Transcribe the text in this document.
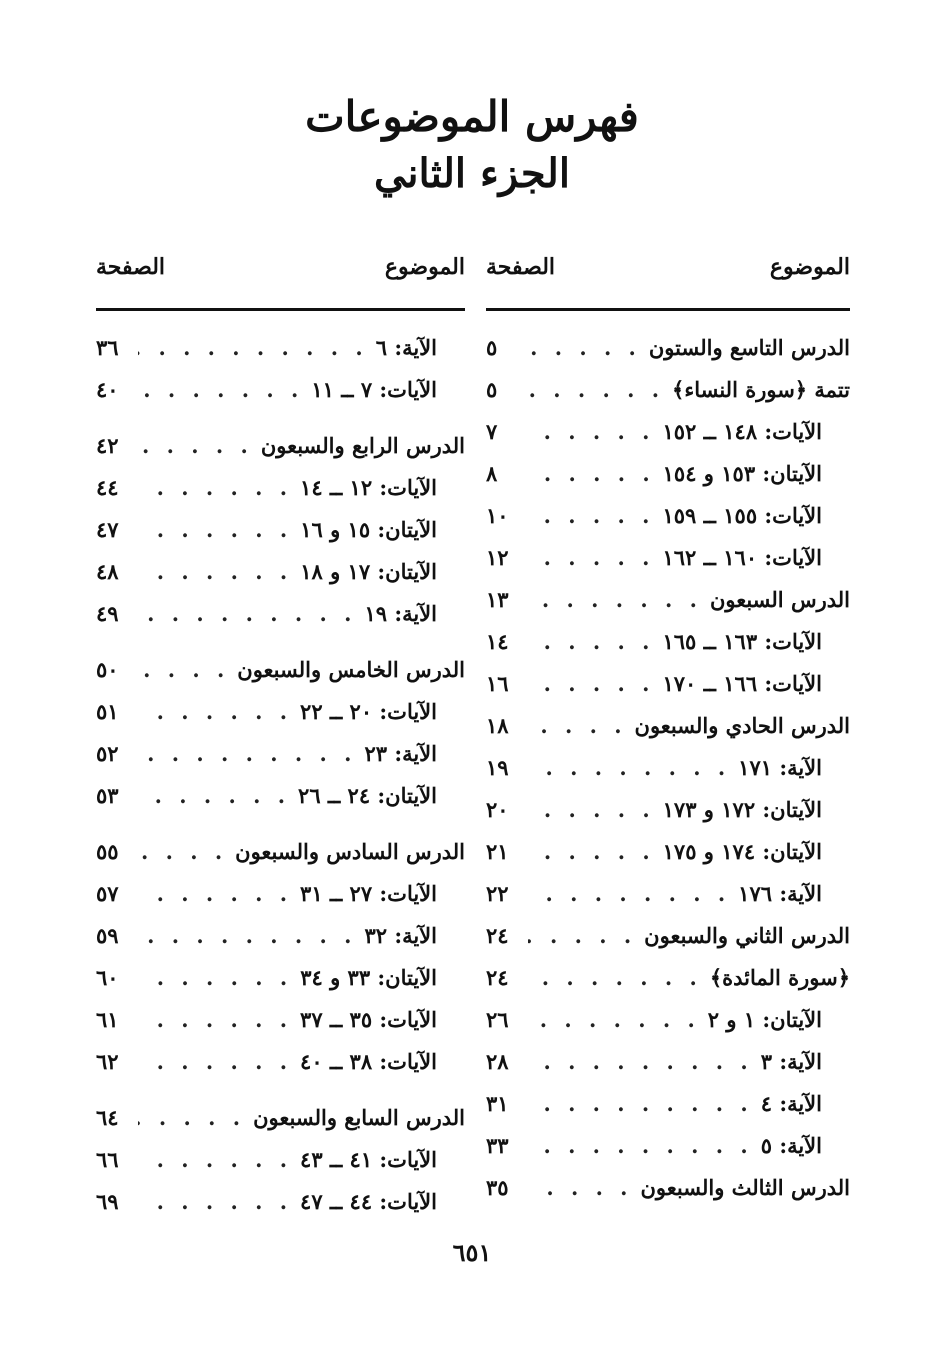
فهرس الموضوعات
الجزء الثاني
الموضوع
الصفحة
الدرس التاسع والستون
. . .
٥
تتمة ﴿سورة النساء﴾
. . .
٥
الآيات: ١٤٨ ــ ١٥٢
. . .
٧
الآيتان: ١٥٣ و ١٥٤
. . .
٨
الآيات: ١٥٥ ــ ١٥٩
. . .
١٠
الآيات: ١٦٠ ــ ١٦٢
. . .
١٢
الدرس السبعون
. . .
١٣
الآيات: ١٦٣ ــ ١٦٥
. . .
١٤
الآيات: ١٦٦ ــ ١٧٠
. . .
١٦
الدرس الحادي والسبعون
. . .
١٨
الآية: ١٧١
. . .
١٩
الآيتان: ١٧٢ و ١٧٣
. . .
٢٠
الآيتان: ١٧٤ و ١٧٥
. . .
٢١
الآية: ١٧٦
. . .
٢٢
الدرس الثاني والسبعون
. . .
٢٤
﴿سورة المائدة﴾
. . .
٢٤
الآيتان: ١ و ٢
. . .
٢٦
الآية: ٣
. . .
٢٨
الآية: ٤
. . .
٣١
الآية: ٥
. . .
٣٣
الدرس الثالث والسبعون
. . .
٣٥
الموضوع
الصفحة
الآية: ٦
. . .
٣٦
الآيات: ٧ ــ ١١
. . .
٤٠
الدرس الرابع والسبعون
. . .
٤٢
الآيات: ١٢ ــ ١٤
. . .
٤٤
الآيتان: ١٥ و ١٦
. . .
٤٧
الآيتان: ١٧ و ١٨
. . .
٤٨
الآية: ١٩
. . .
٤٩
الدرس الخامس والسبعون
. . .
٥٠
الآيات: ٢٠ ــ ٢٢
. . .
٥١
الآية: ٢٣
. . .
٥٢
الآيتان: ٢٤ ــ ٢٦
. . .
٥٣
الدرس السادس والسبعون
. . .
٥٥
الآيات: ٢٧ ــ ٣١
. . .
٥٧
الآية: ٣٢
. . .
٥٩
الآيتان: ٣٣ و ٣٤
. . .
٦٠
الآيات: ٣٥ ــ ٣٧
. . .
٦١
الآيات: ٣٨ ــ ٤٠
. . .
٦٢
الدرس السابع والسبعون
. . .
٦٤
الآيات: ٤١ ــ ٤٣
. . .
٦٦
الآيات: ٤٤ ــ ٤٧
. . .
٦٩
٦٥١
